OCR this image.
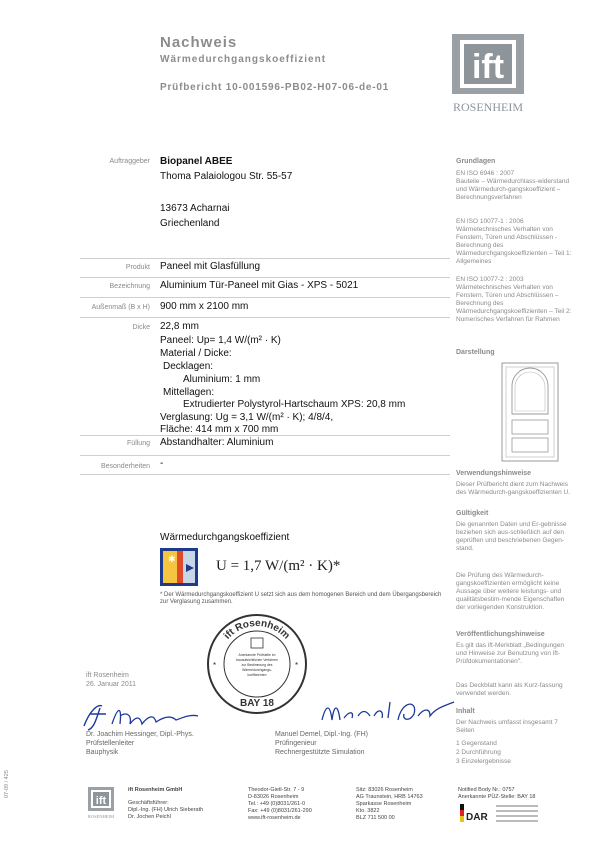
Nachweis
Wärmedurchgangskoeffizient
Prüfbericht 10-001596-PB02-H07-06-de-01
ift
ROSENHEIM
Auftraggeber Biopanel ABEE
Thoma Palaiologou Str. 55-57
13673 Acharnai
Griechenland
Produkt Paneel mit Glasfüllung
Bezeichnung Aluminium Tür-Paneel mit Gias - XPS - 5021
Außenmaß (B x H) 900 mm x 2100 mm
Dicke 22,8 mm
Paneel: Up= 1,4 W/(m² · K)
Material / Dicke:
Decklagen:
Aluminium: 1 mm
Mittellagen:
Extrudierter Polystyrol-Hartschaum XPS: 20,8 mm
Verglasung: Ug = 3,1 W/(m² · K); 4/8/4,
Fläche: 414 mm x 700 mm
Füllung Abstandhalter: Aluminium
Besonderheiten -
Wärmedurchgangskoeffizient
✱	U = 1,7 W/(m² · K)*
* Der Wärmedurchgangskoeffizient U setzt sich aus dem homogenen Bereich und dem Übergangsbereich zur Verglasung zusammen.
ift Rosenheim
BAY 18
Anerkannte Prüfstelle im
bauaufsichtlichen Verfahren
zur Bestimmung des
Wärmedurchgangs-
koeffizienten
*	*
ift Rosenheim
26. Januar 2011
Dr. Joachim Hessinger, Dipl.-Phys.
Prüfstellenleiter
Bauphysik
Manuel Demel, Dipl.-Ing. (FH)
Prüfingenieur
Rechnergestützte Simulation
Grundlagen
EN ISO 6946 : 2007
Bauteile – Wärmedurchlass-widerstand und Wärmedurch-gangskoeffizient – Berechnungsverfahren
EN ISO 10077-1 : 2006
Wärmetechnisches Verhalten von Fenstern, Türen und Abschlüssen - Berechnung des Wärmedurchgangskoeffizienten – Teil 1: Allgemeines
EN ISO 10077-2 : 2003
Wärmetechnisches Verhalten von Fenstern, Türen und Abschlüssen – Berechnung des Wärmedurchgangskoeffizienten – Teil 2: Numerisches Verfahren für Rahmen
Darstellung
Verwendungshinweise
Dieser Prüfbericht dient zum Nachweis des Wärmedurch-gangskoeffizienten U.
Gültigkeit
Die genannten Daten und Er-gebnisse beziehen sich aus-schließlich auf den geprüften und beschriebenen Gegen-stand.
Die Prüfung des Wärmedurch-gangskoeffizienten ermöglicht keine Aussage über weitere leistungs- und qualitätsbestim-mende Eigenschaften der vorliegenden Konstruktion.
Veröffentlichungshinweise
Es gilt das ift-Merkblatt „Bedingungen und Hinweise zur Benutzung von ift-Prüfdokumentationen".
Das Deckblatt kann als Kurz-fassung verwendet werden.
Inhalt
Der Nachweis umfasst insgesamt 7 Seiten
1 Gegenstand
2 Durchführung
3 Einzelergebnisse
07-09 / 425
ift
ROSENHEIM
ift Rosenheim GmbH
Geschäftsführer:
Dipl.-Ing. (FH) Ulrich Sieberath
Dr. Jochen Peichl
Theodor-Gietl-Str. 7 - 9
D-83026 Rosenheim
Tel.: +49 (0)8031/261-0
Fax: +49 (0)8031/261-290
www.ift-rosenheim.de
Sitz: 83026 Rosenheim
AG Traunstein, HRB 14763
Sparkasse Rosenheim
Kto. 3822
BLZ 711 500 00
Notified Body Nr.: 0757
Anerkannte PÜZ-Stelle: BAY 18
DAR
